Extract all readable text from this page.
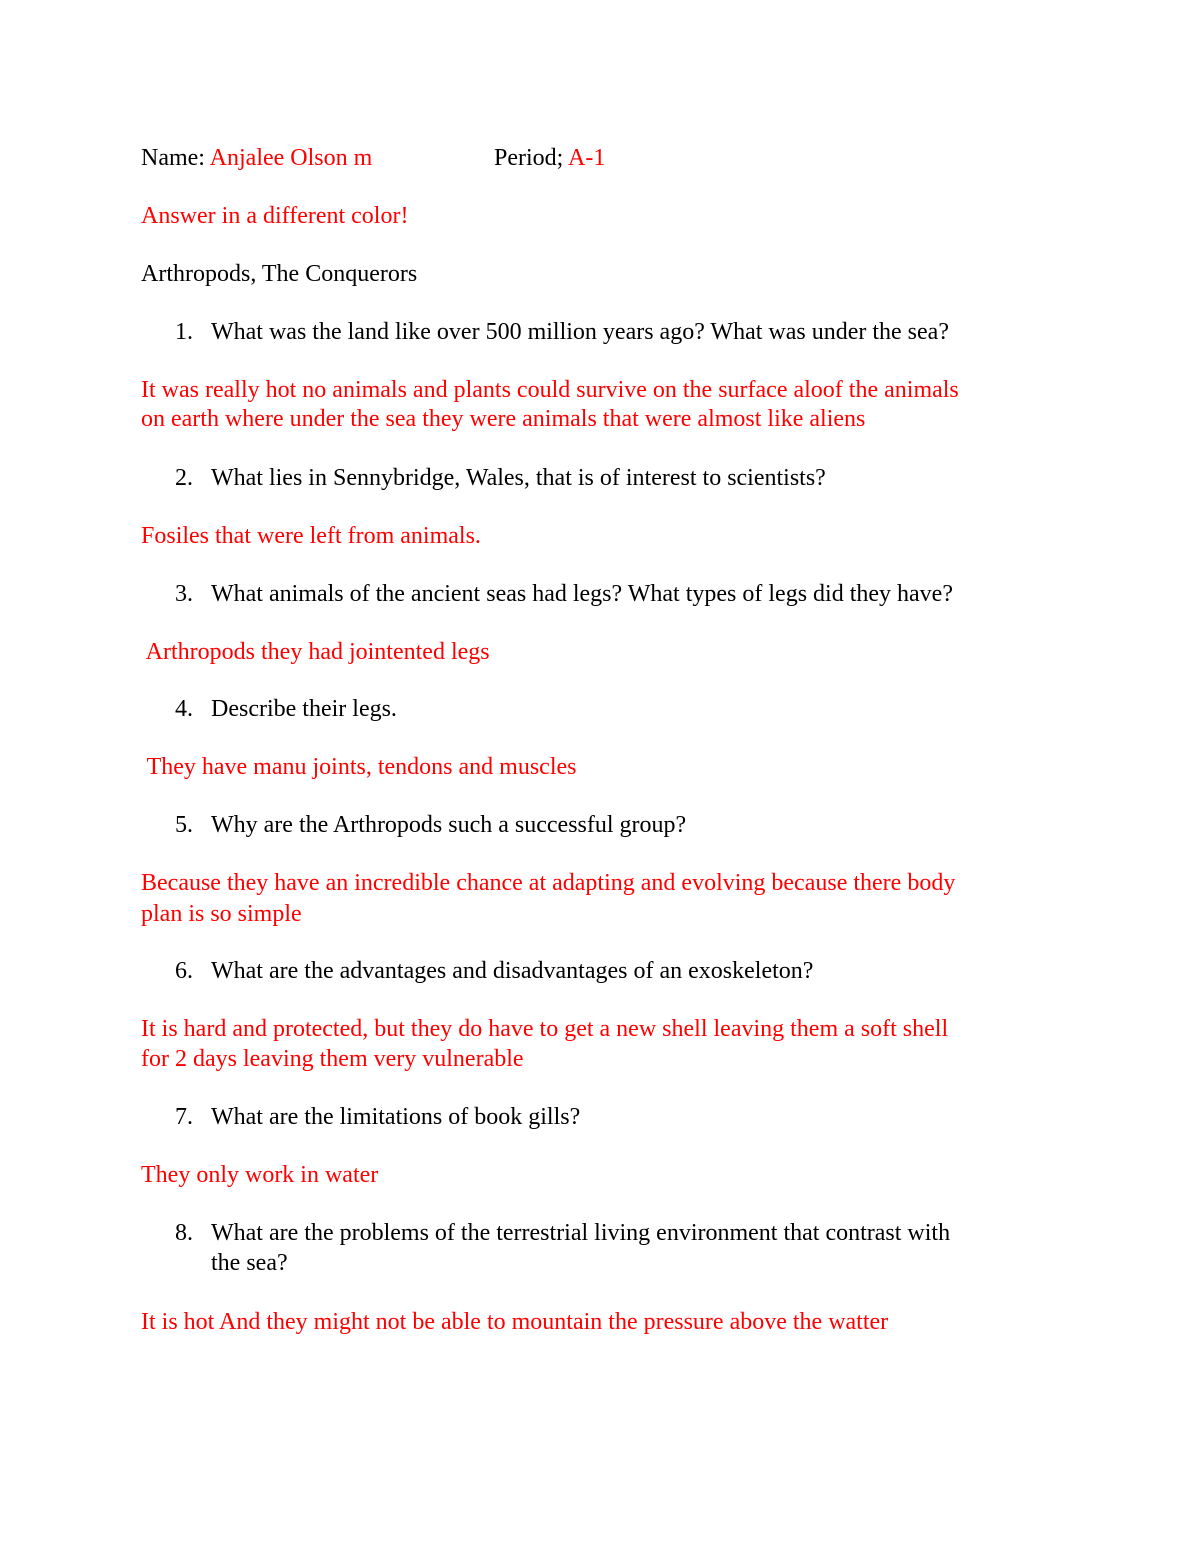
Name: Anjalee Olson m	Period; A-1
Answer in a different color!
Arthropods, The Conquerors
1. What was the land like over 500 million years ago? What was under the sea?
It was really hot no animals and plants could survive on the surface aloof the animals
on earth where under the sea they were animals that were almost like aliens
2. What lies in Sennybridge, Wales, that is of interest to scientists?
Fosiles that were left from animals.
3. What animals of the ancient seas had legs? What types of legs did they have?
Arthropods they had jointented legs
4. Describe their legs.
They have manu joints, tendons and muscles
5. Why are the Arthropods such a successful group?
Because they have an incredible chance at adapting and evolving because there body
plan is so simple
6. What are the advantages and disadvantages of an exoskeleton?
It is hard and protected, but they do have to get a new shell leaving them a soft shell
for 2 days leaving them very vulnerable
7. What are the limitations of book gills?
They only work in water
8. What are the problems of the terrestrial living environment that contrast with
the sea?
It is hot And they might not be able to mountain the pressure above the watter
